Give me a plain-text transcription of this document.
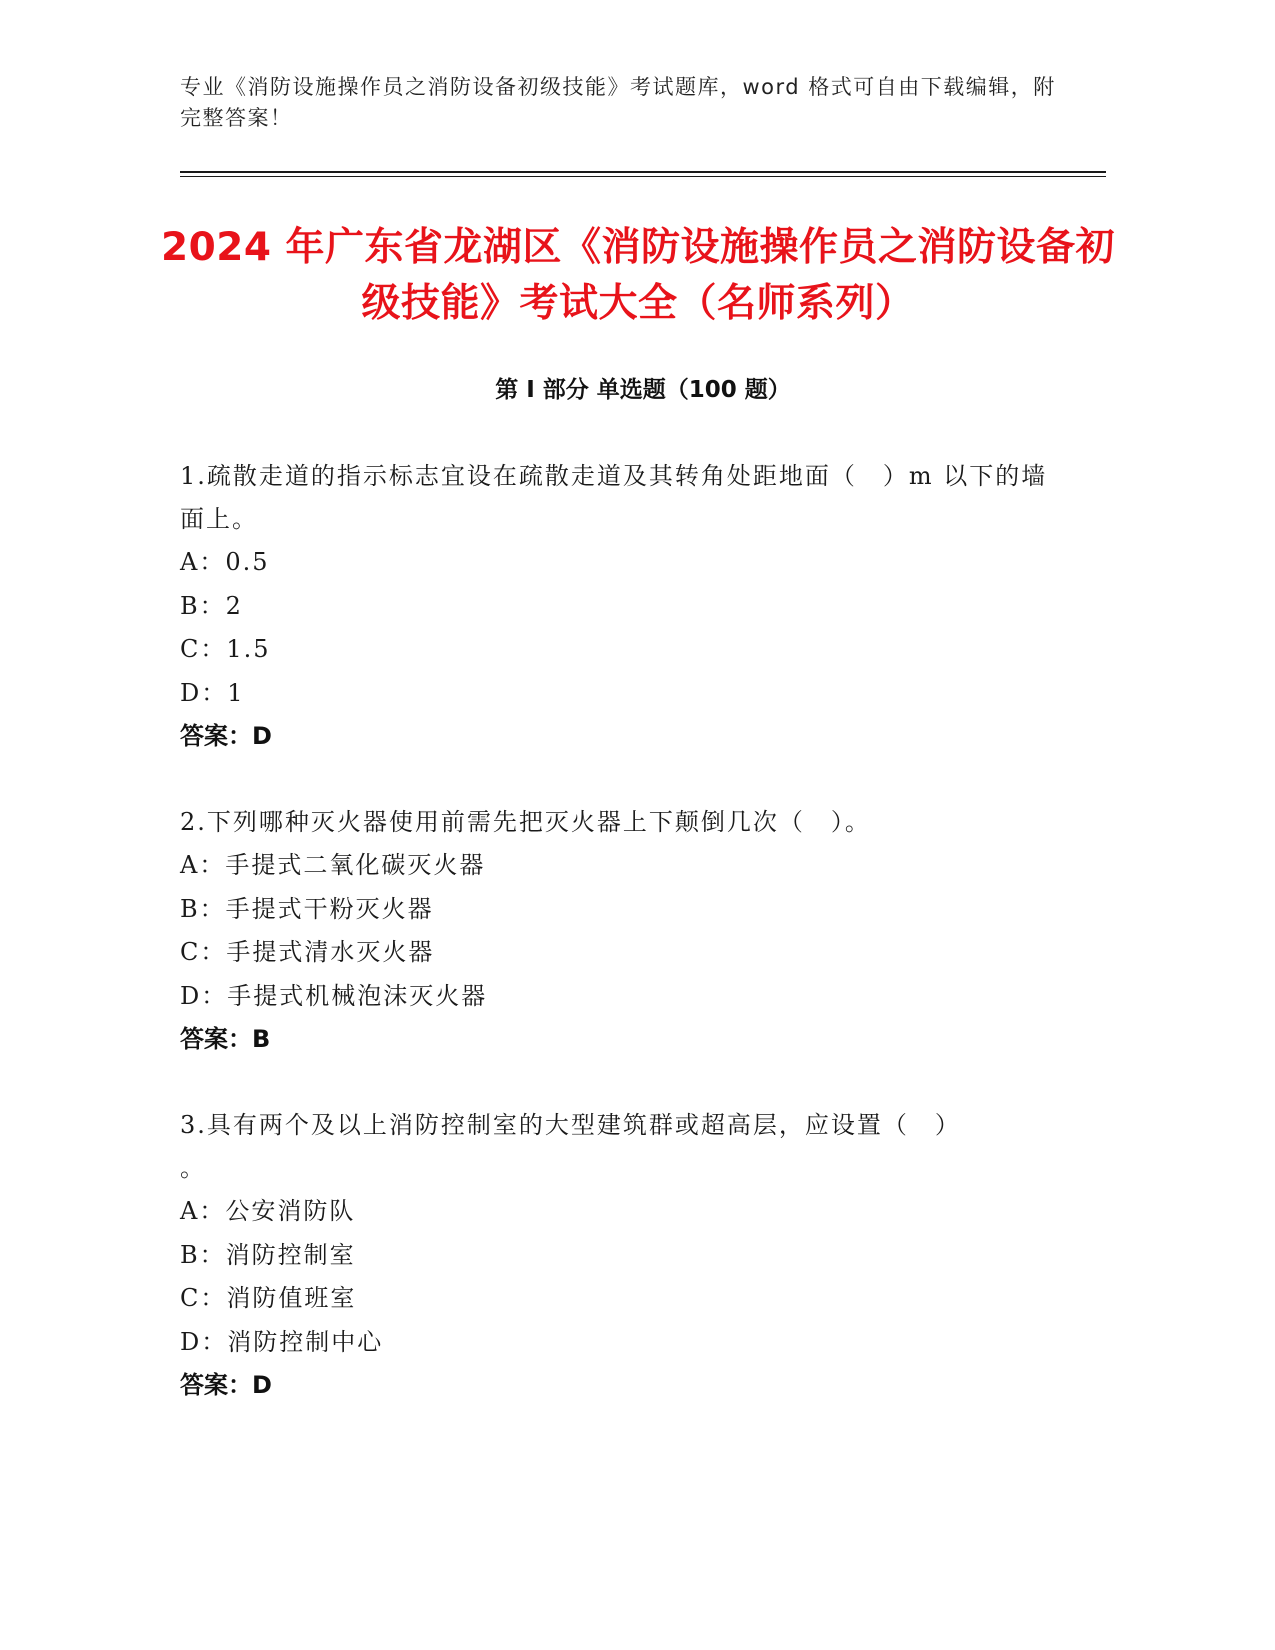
专业《消防设施操作员之消防设备初级技能》考试题库，word 格式可自由下载编辑，附完整答案！
2024 年广东省龙湖区《消防设施操作员之消防设备初级技能》考试大全（名师系列）
第 I 部分 单选题（100 题）
1.疏散走道的指示标志宜设在疏散走道及其转角处距地面（　）m 以下的墙面上。
A：0.5
B：2
C：1.5
D：1
答案：D
2.下列哪种灭火器使用前需先把灭火器上下颠倒几次（　）。
A：手提式二氧化碳灭火器
B：手提式干粉灭火器
C：手提式清水灭火器
D：手提式机械泡沫灭火器
答案：B
3.具有两个及以上消防控制室的大型建筑群或超高层，应设置（　）
。
A：公安消防队
B：消防控制室
C：消防值班室
D：消防控制中心
答案：D
